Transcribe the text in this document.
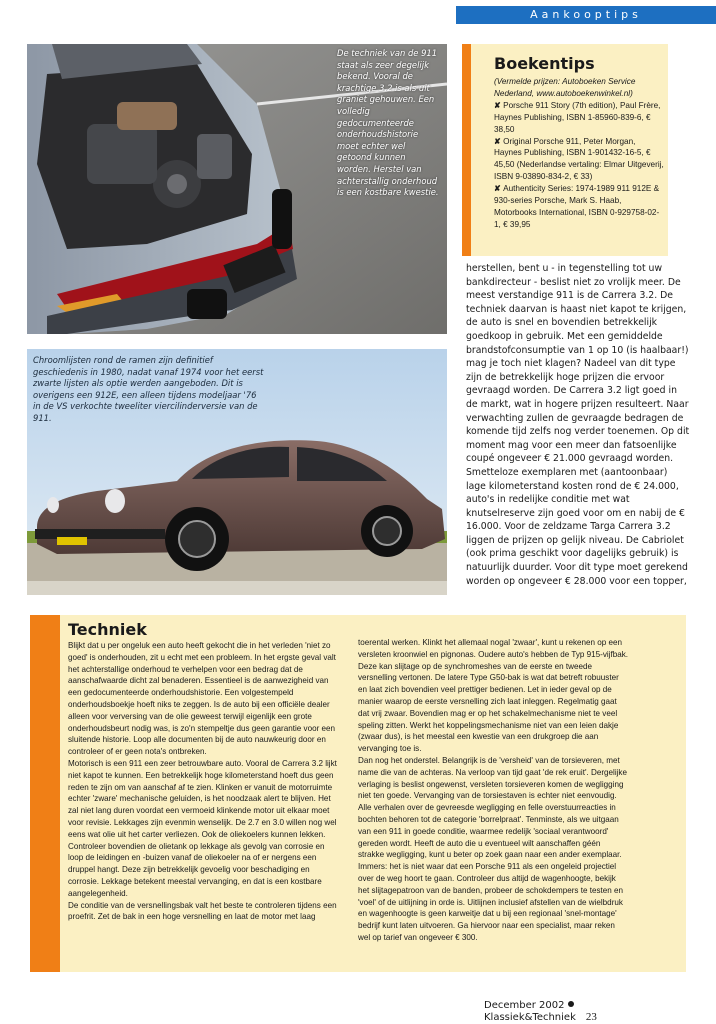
Aankooptips
De techniek van de 911 staat als zeer degelijk bekend. Vooral de krachtige 3.2 is als uit graniet gehouwen. Een volledig gedocumenteerde onderhoudshistorie moet echter wel getoond kunnen worden. Herstel van achterstallig onderhoud is een kostbare kwestie.
Boekentips
(Vermelde prijzen: Autoboeken Service Nederland, www.autoboekenwinkel.nl)
✘ Porsche 911 Story (7th edition), Paul Frère, Haynes Publishing, ISBN 1-85960-839-6, € 38,50
✘ Original Porsche 911, Peter Morgan, Haynes Publishing, ISBN 1-901432-16-5, € 45,50 (Nederlandse vertaling: Elmar Uitgeverij, ISBN 9-03890-834-2, € 33)
✘ Authenticity Series: 1974-1989 911 912E & 930-series Porsche, Mark S. Haab, Motorbooks International, ISBN 0-929758-02-1, € 39,95
Chroomlijsten rond de ramen zijn definitief geschiedenis in 1980, nadat vanaf 1974 voor het eerst zwarte lijsten als optie werden aangeboden. Dit is overigens een 912E, een alleen tijdens modeljaar '76 in de VS verkochte tweeliter viercilinderversie van de 911.

herstellen, bent u - in tegenstelling tot uw bankdirecteur - beslist niet zo vrolijk meer. De meest verstandige 911 is de Carrera 3.2. De techniek daarvan is haast niet kapot te krijgen, de auto is snel en bovendien betrekkelijk goedkoop in gebruik. Met een gemiddelde brandstofconsumptie van 1 op 10 (is haalbaar!) mag je toch niet klagen? Nadeel van dit type zijn de betrekkelijk hoge prijzen die ervoor gevraagd worden. De Carrera 3.2 ligt goed in de markt, wat in hogere prijzen resulteert. Naar verwachting zullen de gevraagde bedragen de komende tijd zelfs nog verder toenemen. Op dit moment mag voor een meer dan fatsoenlijke coupé ongeveer € 21.000 gevraagd worden. Smetteloze exemplaren met (aantoonbaar) lage kilometerstand kosten rond de € 24.000, auto's in redelijke conditie met wat knutselreserve zijn goed voor om en nabij de € 16.000. Voor de zeldzame Targa Carrera 3.2 liggen de prijzen op gelijk niveau. De Cabriolet (ook prima geschikt voor dagelijks gebruik) is natuurlijk duurder. Voor dit type moet gerekend worden op ongeveer € 28.000 voor een topper,

Techniek

Blijkt dat u per ongeluk een auto heeft gekocht die in het verleden 'niet zo goed' is onderhouden, zit u echt met een probleem. In het ergste geval valt het achterstallige onderhoud te verhelpen voor een bedrag dat de aanschafwaarde dicht zal benaderen. Essentieel is de aanwezigheid van een gedocumenteerde onderhoudshistorie. Een volgestempeld onderhoudsboekje hoeft niks te zeggen. Is de auto bij een officiële dealer alleen voor verversing van de olie geweest terwijl eigenlijk een grote onderhoudsbeurt nodig was, is zo'n stempeltje dus geen garantie voor een sluitende historie. Loop alle documenten bij de auto nauwkeurig door en controleer of er geen nota's ontbreken.

Motorisch is een 911 een zeer betrouwbare auto. Vooral de Carrera 3.2 lijkt niet kapot te kunnen. Een betrekkelijk hoge kilometerstand hoeft dus geen reden te zijn om van aanschaf af te zien. Klinken er vanuit de motorruimte echter 'zware' mechanische geluiden, is het noodzaak alert te blijven. Het zal niet lang duren voordat een vermoeid klinkende motor uit elkaar moet voor revisie. Lekkages zijn evenmin wenselijk. De 2.7 en 3.0 willen nog wel eens wat olie uit het carter verliezen. Ook de oliekoelers kunnen lekken. Controleer bovendien de olietank op lekkage als gevolg van corrosie en loop de leidingen en -buizen vanaf de oliekoeler na of er nergens een druppel hangt. Deze zijn betrekkelijk gevoelig voor beschadiging en corrosie. Lekkage betekent meestal vervanging, en dat is een kostbare aangelegenheid.

De conditie van de versnellingsbak valt het beste te controleren tijdens een proefrit. Zet de bak in een hoge versnelling en laat de motor met laag

toerental werken. Klinkt het allemaal nogal 'zwaar', kunt u rekenen op een versleten kroonwiel en pignonas. Oudere auto's hebben de Typ 915-vijfbak. Deze kan slijtage op de synchromeshes van de eerste en tweede versnelling vertonen. De latere Type G50-bak is wat dat betreft robuuster en laat zich bovendien veel prettiger bedienen. Let in ieder geval op de manier waarop de eerste versnelling zich laat inleggen. Regelmatig gaat dat vrij zwaar. Bovendien mag er op het schakelmechanisme niet te veel speling zitten. Werkt het koppelingsmechanisme niet van een leien dakje (zwaar dus), is het meestal een kwestie van een drukgroep die aan vervanging toe is.

Dan nog het onderstel. Belangrijk is de 'versheid' van de torsieveren, met name die van de achteras. Na verloop van tijd gaat 'de rek eruit'. Dergelijke verlaging is beslist ongewenst, versleten torsieveren komen de wegligging niet ten goede. Vervanging van de torsiestaven is echter niet eenvoudig. Alle verhalen over de gevreesde wegligging en felle overstuurreacties in bochten behoren tot de categorie 'borrelpraat'. Tenminste, als we uitgaan van een 911 in goede conditie, waarmee redelijk 'sociaal verantwoord' gereden wordt. Heeft de auto die u eventueel wilt aanschaffen géén strakke wegligging, kunt u beter op zoek gaan naar een ander exemplaar. Immers: het is niet waar dat een Porsche 911 als een ongeleid projectiel over de weg hoort te gaan. Controleer dus altijd de wagenhoogte, bekijk het slijtagepatroon van de banden, probeer de schokdempers te testen en 'voel' of de uitlijning in orde is. Uitlijnen inclusief afstellen van de wielbdruk en wagenhoogte is geen karweitje dat u bij een regionaal 'snel-montage' bedrijf kunt laten uitvoeren. Ga hiervoor naar een specialist, maar reken wel op tarief van ongeveer € 300.

December 2002Klassiek&Techniek 23
